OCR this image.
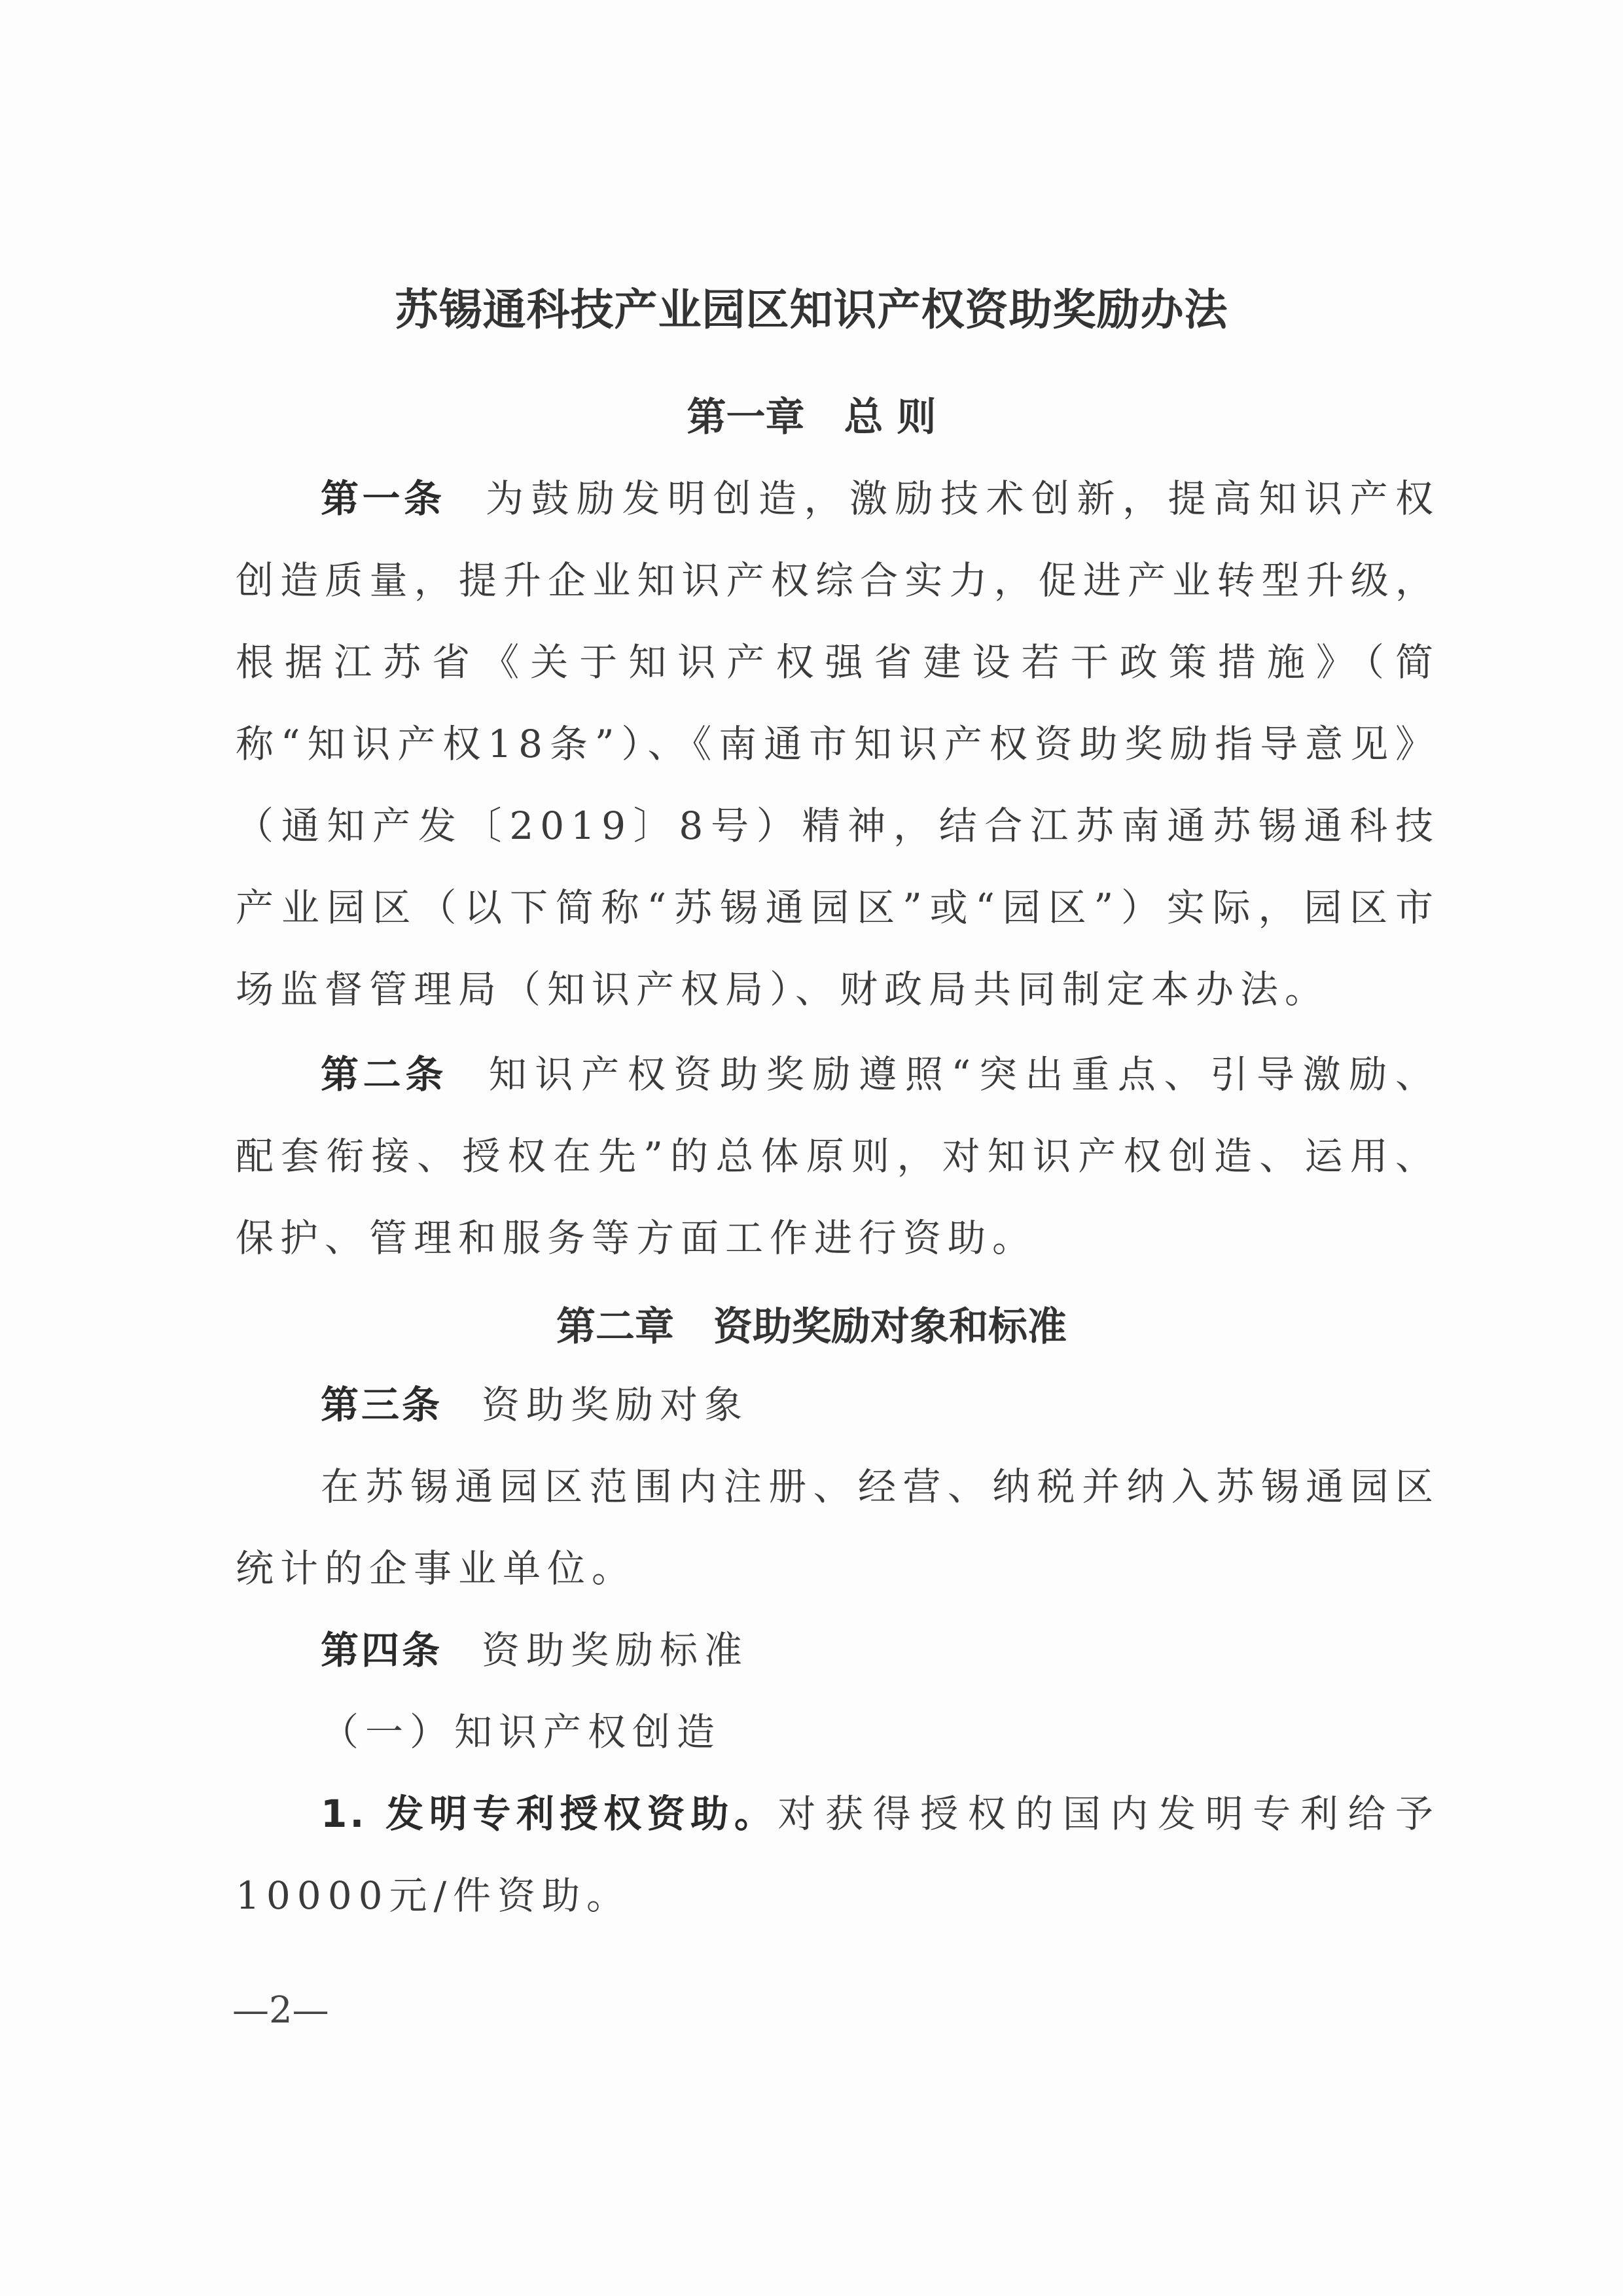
苏锡通科技产业园区知识产权资助奖励办法
第一章　总 则
第一条 为鼓励发明创造，激励技术创新，提高知识产权创造质量，提升企业知识产权综合实力，促进产业转型升级，根据江苏省《关于知识产权强省建设若干政策措施》（简称“知识产权18条”）、《南通市知识产权资助奖励指导意见》（通知产发〔2019〕8号）精神，结合江苏南通苏锡通科技产业园区（以下简称“苏锡通园区”或“园区”）实际，园区市场监督管理局（知识产权局）、财政局共同制定本办法。
第二条 知识产权资助奖励遵照“突出重点、引导激励、配套衔接、授权在先”的总体原则，对知识产权创造、运用、保护、管理和服务等方面工作进行资助。
第二章　资助奖励对象和标准
第三条 资助奖励对象
在苏锡通园区范围内注册、经营、纳税并纳入苏锡通园区统计的企事业单位。
第四条 资助奖励标准
（一）知识产权创造
1. 发明专利授权资助。对获得授权的国内发明专利给予10000元/件资助。
—2—
